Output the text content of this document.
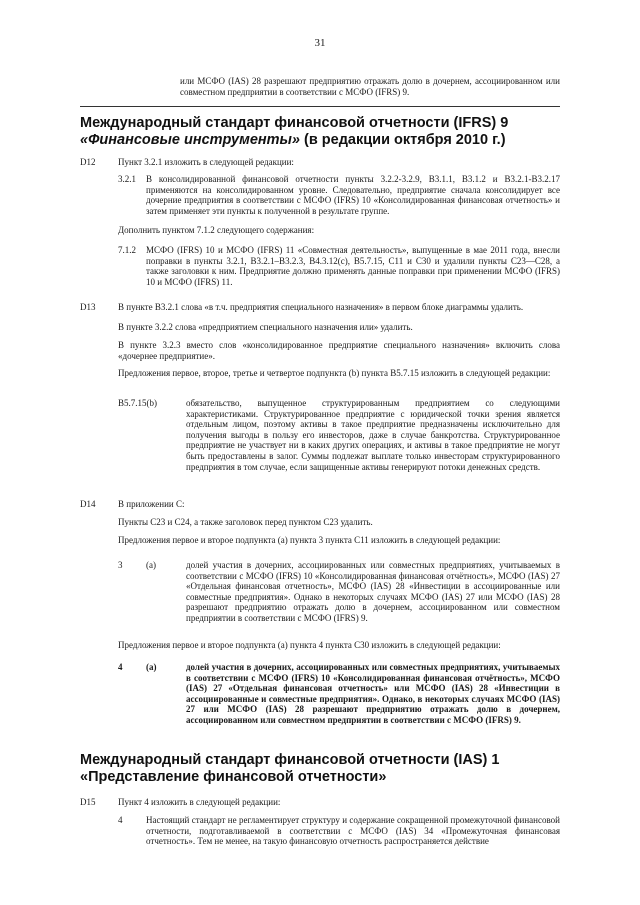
31

или МСФО (IAS) 28 разрешают предприятию отражать долю в дочернем, ассоциированном или совместном предприятии в соответствии с МСФО (IFRS) 9.

Международный стандарт финансовой отчетности (IFRS) 9
«Финансовые инструменты» (в редакции октября 2010 г.)
D12	Пункт 3.2.1 изложить в следующей редакции:

3.2.1 В консолидированной финансовой отчетности пункты 3.2.2-3.2.9, В3.1.1, В3.1.2 и В3.2.1-В3.2.17 применяются на консолидированном уровне. Следовательно, предприятие сначала консолидирует все дочерние предприятия в соответствии с МСФО (IFRS) 10 «Консолидированная финансовая отчетность» и затем применяет эти пункты к полученной в результате группе.

Дополнить пунктом 7.1.2 следующего содержания:

7.1.2 МСФО (IFRS) 10 и МСФО (IFRS) 11 «Совместная деятельность», выпущенные в мае 2011 года, внесли поправки в пункты 3.2.1, В3.2.1–В3.2.3, В4.3.12(c), В5.7.15, С11 и С30 и удалили пункты С23—С28, а также заголовки к ним. Предприятие должно применять данные поправки при применении МСФО (IFRS) 10 и МСФО (IFRS) 11.

D13	В пункте В3.2.1 слова «в т.ч. предприятия специального назначения» в первом блоке диаграммы удалить.

В пункте 3.2.2 слова «предприятием специального назначения или» удалить.

В пункте 3.2.3 вместо слов «консолидированное предприятие специального назначения» включить слова «дочернее предприятие».

Предложения первое, второе, третье и четвертое подпункта (b) пункта В5.7.15 изложить в следующей редакции:

В5.7.15(b)	обязательство, выпущенное структурированным предприятием со следующими характеристиками. Структурированное предприятие с юридической точки зрения является отдельным лицом, поэтому активы в такое предприятие предназначены исключительно для получения выгоды в пользу его инвесторов, даже в случае банкротства. Структурированное предприятие не участвует ни в каких других операциях, и активы в такое предприятие не могут быть предоставлены в залог. Суммы подлежат выплате только инвесторам структурированного предприятия в том случае, если защищенные активы генерируют потоки денежных средств.

D14	В приложении С:

Пункты С23 и С24, а также заголовок перед пунктом С23 удалить.

Предложения первое и второе подпункта (а) пункта 3 пункта С11 изложить в следующей редакции:

3	(а)	долей участия в дочерних, ассоциированных или совместных предприятиях, учитываемых в соответствии с МСФО (IFRS) 10 «Консолидированная финансовая отчётность», МСФО (IAS) 27 «Отдельная финансовая отчетность», МСФО (IAS) 28 «Инвестиции в ассоциированные или совместные предприятия». Однако в некоторых случаях МСФО (IAS) 27 или МСФО (IAS) 28 разрешают предприятию отражать долю в дочернем, ассоциированном или совместном предприятии в соответствии с МСФО (IFRS) 9.

Предложения первое и второе подпункта (а) пункта 4 пункта С30 изложить в следующей редакции:

4	(а)	долей участия в дочерних, ассоциированных или совместных предприятиях, учитываемых в соответствии с МСФО (IFRS) 10 «Консолидированная финансовая отчётность», МСФО (IAS) 27 «Отдельная финансовая отчетность» или МСФО (IAS) 28 «Инвестиции в ассоциированные и совместные предприятия». Однако, в некоторых случаях МСФО (IAS) 27 или МСФО (IAS) 28 разрешают предприятию отражать долю в дочернем, ассоциированном или совместном предприятии в соответствии с МСФО (IFRS) 9.

Международный стандарт финансовой отчетности (IAS) 1
«Представление финансовой отчетности»
D15	Пункт 4 изложить в следующей редакции:

4	Настоящий стандарт не регламентирует структуру и содержание сокращенной промежуточной финансовой отчетности, подготавливаемой в соответствии с МСФО (IAS) 34 «Промежуточная финансовая отчетность». Тем не менее, на такую финансовую отчетность распространяется действие
